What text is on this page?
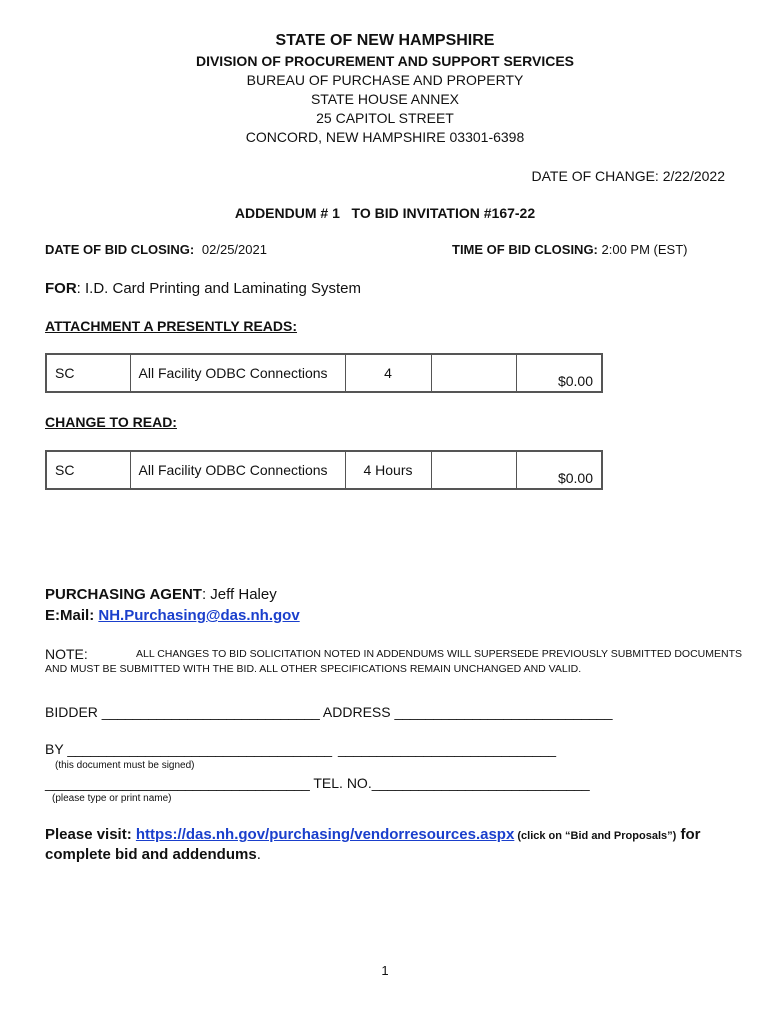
STATE OF NEW HAMPSHIRE
DIVISION OF PROCUREMENT AND SUPPORT SERVICES
BUREAU OF PURCHASE AND PROPERTY
STATE HOUSE ANNEX
25 CAPITOL STREET
CONCORD, NEW HAMPSHIRE 03301-6398
DATE OF CHANGE: 2/22/2022
ADDENDUM # 1   TO BID INVITATION #167-22
DATE OF BID CLOSING: 02/25/2021	TIME OF BID CLOSING: 2:00 PM (EST)
FOR: I.D. Card Printing and Laminating System
ATTACHMENT A PRESENTLY READS:
SC	All Facility ODBC Connections	4		$0.00
CHANGE TO READ:
SC	All Facility ODBC Connections	4 Hours		$0.00
PURCHASING AGENT: Jeff Haley
E:Mail: NH.Purchasing@das.nh.gov
NOTE:	ALL CHANGES TO BID SOLICITATION NOTED IN ADDENDUMS WILL SUPERSEDE PREVIOUSLY SUBMITTED DOCUMENTS
AND MUST BE SUBMITTED WITH THE BID. ALL OTHER SPECIFICATIONS REMAIN UNCHANGED AND VALID.
BIDDER ____________________________ ADDRESS ____________________________
BY __________________________________ ____________________________
(this document must be signed)
__________________________________ TEL. NO.____________________________
(please type or print name)
Please visit: https://das.nh.gov/purchasing/vendorresources.aspx (click on “Bid and Proposals”) for
complete bid and addendums.
1
